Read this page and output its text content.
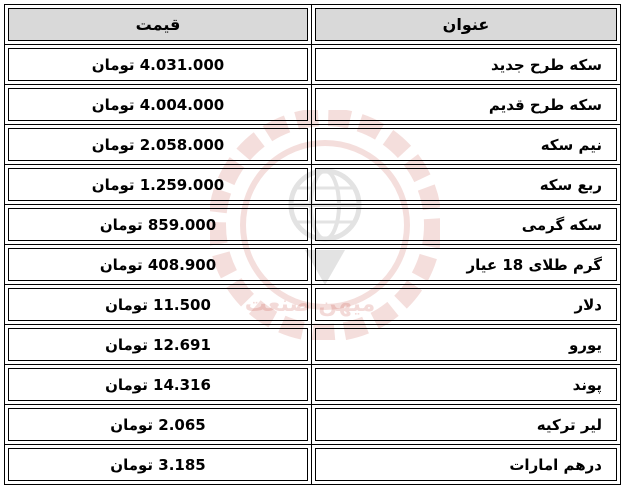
میهن صنعت
قیمت	عنوان

4.031.000 تومان	سکه طرح جدید

4.004.000 تومان	سکه طرح قدیم

2.058.000 تومان	نیم سکه

1.259.000 تومان	ربع سکه

859.000 تومان	سکه گرمی

408.900 تومان	گرم طلای 18 عیار

11.500 تومان	دلار

12.691 تومان	یورو

14.316 تومان	پوند

2.065 تومان	لیر ترکیه

3.185 تومان	درهم امارات
